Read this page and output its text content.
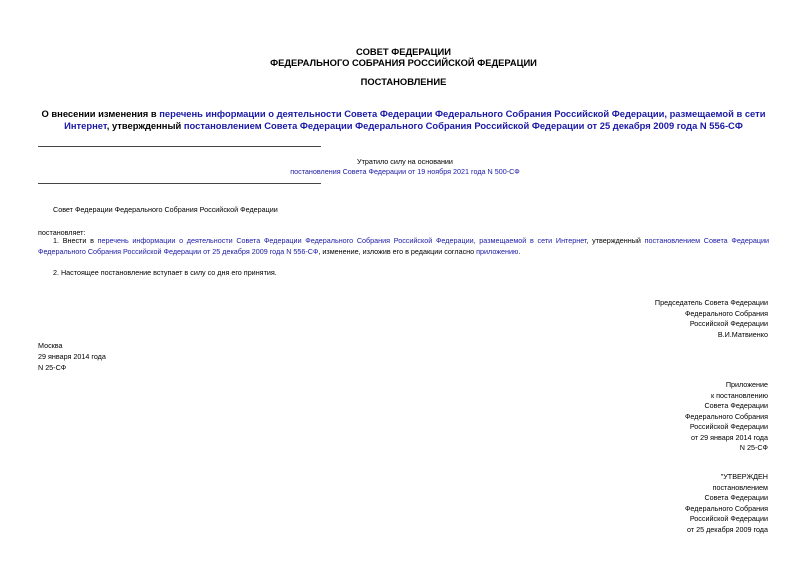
СОВЕТ ФЕДЕРАЦИИ
ФЕДЕРАЛЬНОГО СОБРАНИЯ РОССИЙСКОЙ ФЕДЕРАЦИИ
ПОСТАНОВЛЕНИЕ
О внесении изменения в перечень информации о деятельности Совета Федерации Федерального Собрания Российской Федерации, размещаемой в сети Интернет, утвержденный постановлением Совета Федерации Федерального Собрания Российской Федерации от 25 декабря 2009 года N 556-СФ
Утратило силу на основании
постановления Совета Федерации от 19 ноября 2021 года N 500-СФ
Совет Федерации Федерального Собрания Российской Федерации
постановляет:
1. Внести в перечень информации о деятельности Совета Федерации Федерального Собрания Российской Федерации, размещаемой в сети Интернет, утвержденный постановлением Совета Федерации Федерального Собрания Российской Федерации от 25 декабря 2009 года N 556-СФ, изменение, изложив его в редакции согласно приложению.
2. Настоящее постановление вступает в силу со дня его принятия.
Председатель Совета Федерации
Федерального Собрания
Российской Федерации
В.И.Матвиенко
Москва
29 января 2014 года
N 25-СФ
Приложение
к постановлению
Совета Федерации
Федерального Собрания
Российской Федерации
от 29 января 2014 года
N 25-СФ
"УТВЕРЖДЕН
постановлением
Совета Федерации
Федерального Собрания
Российской Федерации
от 25 декабря 2009 года
